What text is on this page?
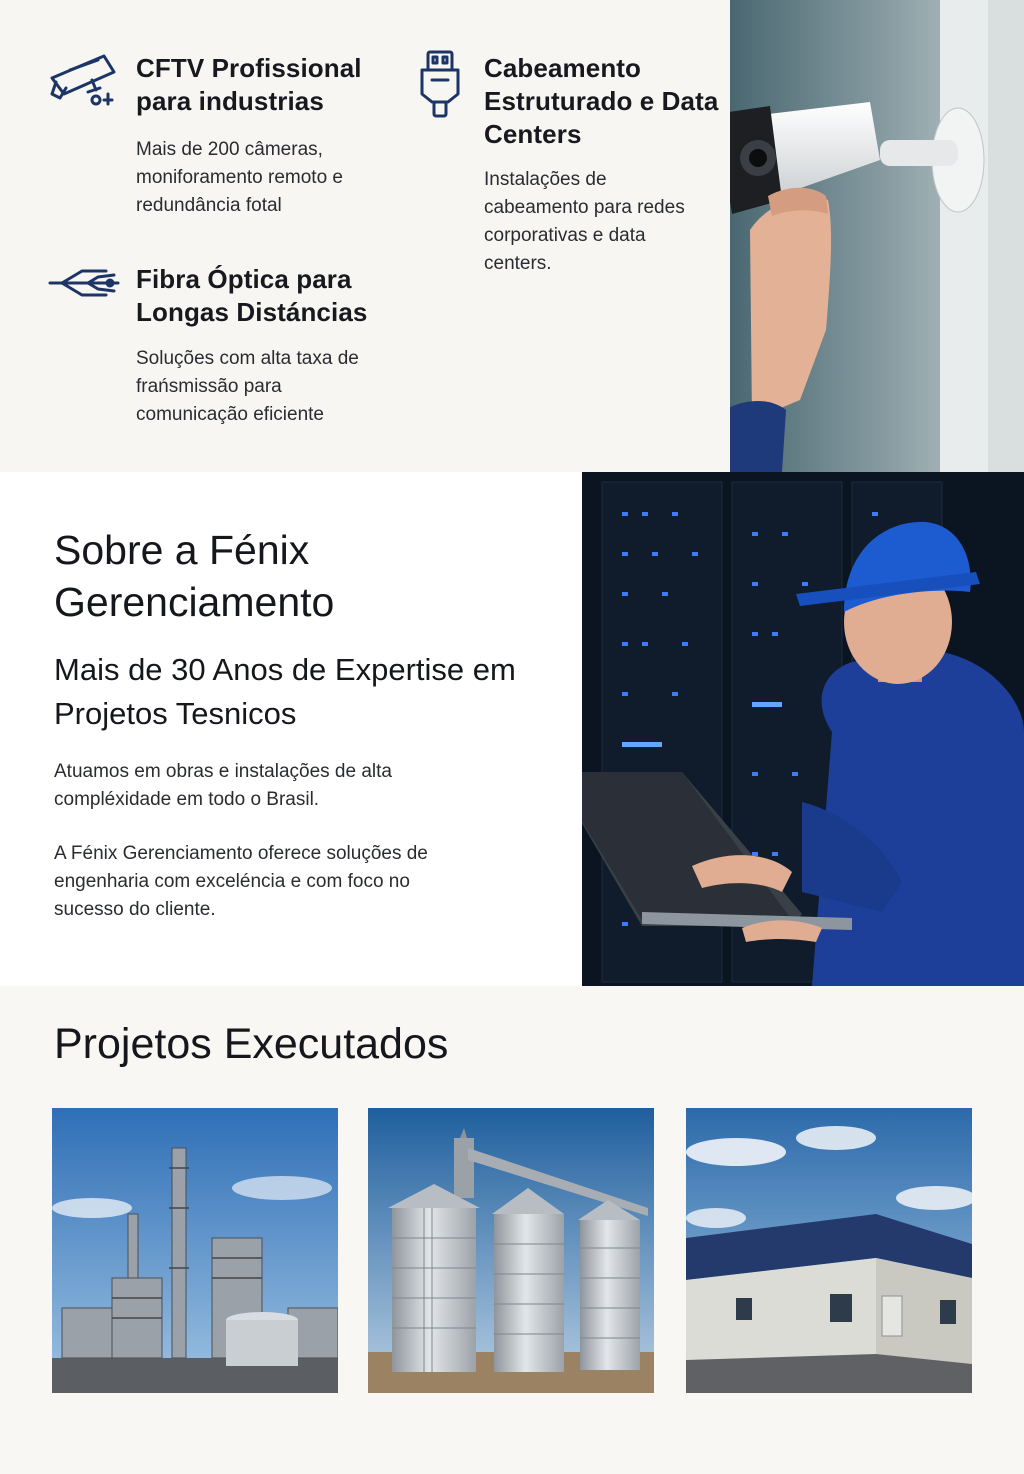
CFTV Profissional para industrias

Mais de 200 câmeras, moniforamento remoto e redundância fotal

Fibra Óptica para Longas Distáncias

Soluções com alta taxa de frańsmissão para comunicação eficiente

Cabeamento Estruturado e Data Centers

Instalações de cabeamento para redes corporativas e data centers.

Sobre a Fénix Gerenciamento
Mais de 30 Anos de Expertise em Projetos Tesnicos

Atuamos em obras e instalações de alta compléxidade em todo o Brasil.

A Fénix Gerenciamento oferece soluções de engenharia com exceléncia e com foco no sucesso do cliente.

Projetos Executados
